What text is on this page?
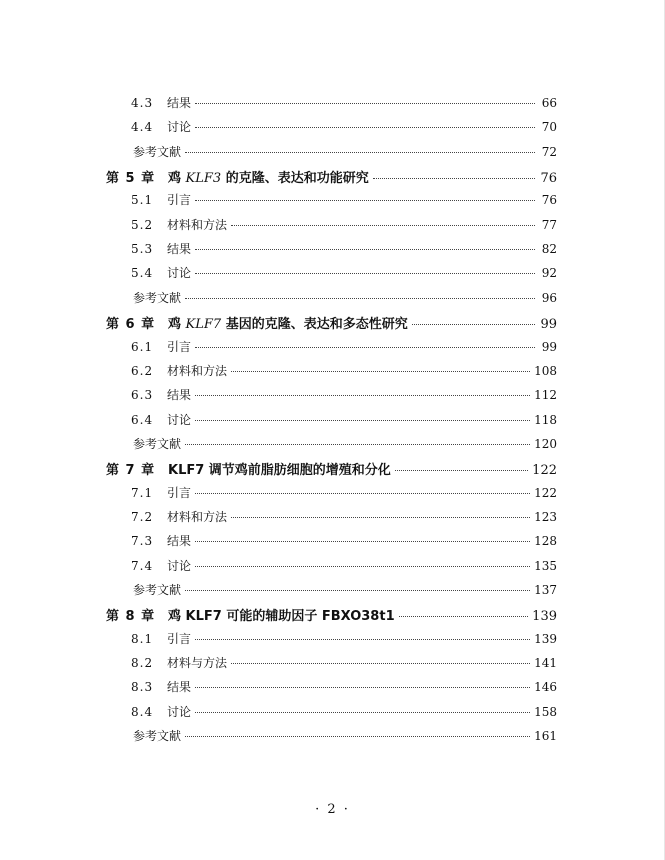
4.3	结果	66
4.4	讨论	70
参考文献	72
第 5 章 鸡 KLF3 的克隆、表达和功能研究	76
5.1	引言	76
5.2	材料和方法	77
5.3	结果	82
5.4	讨论	92
参考文献	96
第 6 章 鸡 KLF7 基因的克隆、表达和多态性研究	99
6.1	引言	99
6.2	材料和方法	108
6.3	结果	112
6.4	讨论	118
参考文献	120
第 7 章 KLF7 调节鸡前脂肪细胞的增殖和分化	122
7.1	引言	122
7.2	材料和方法	123
7.3	结果	128
7.4	讨论	135
参考文献	137
第 8 章 鸡 KLF7 可能的辅助因子 FBXO38t1	139
8.1	引言	139
8.2	材料与方法	141
8.3	结果	146
8.4	讨论	158
参考文献	161
· 2 ·
